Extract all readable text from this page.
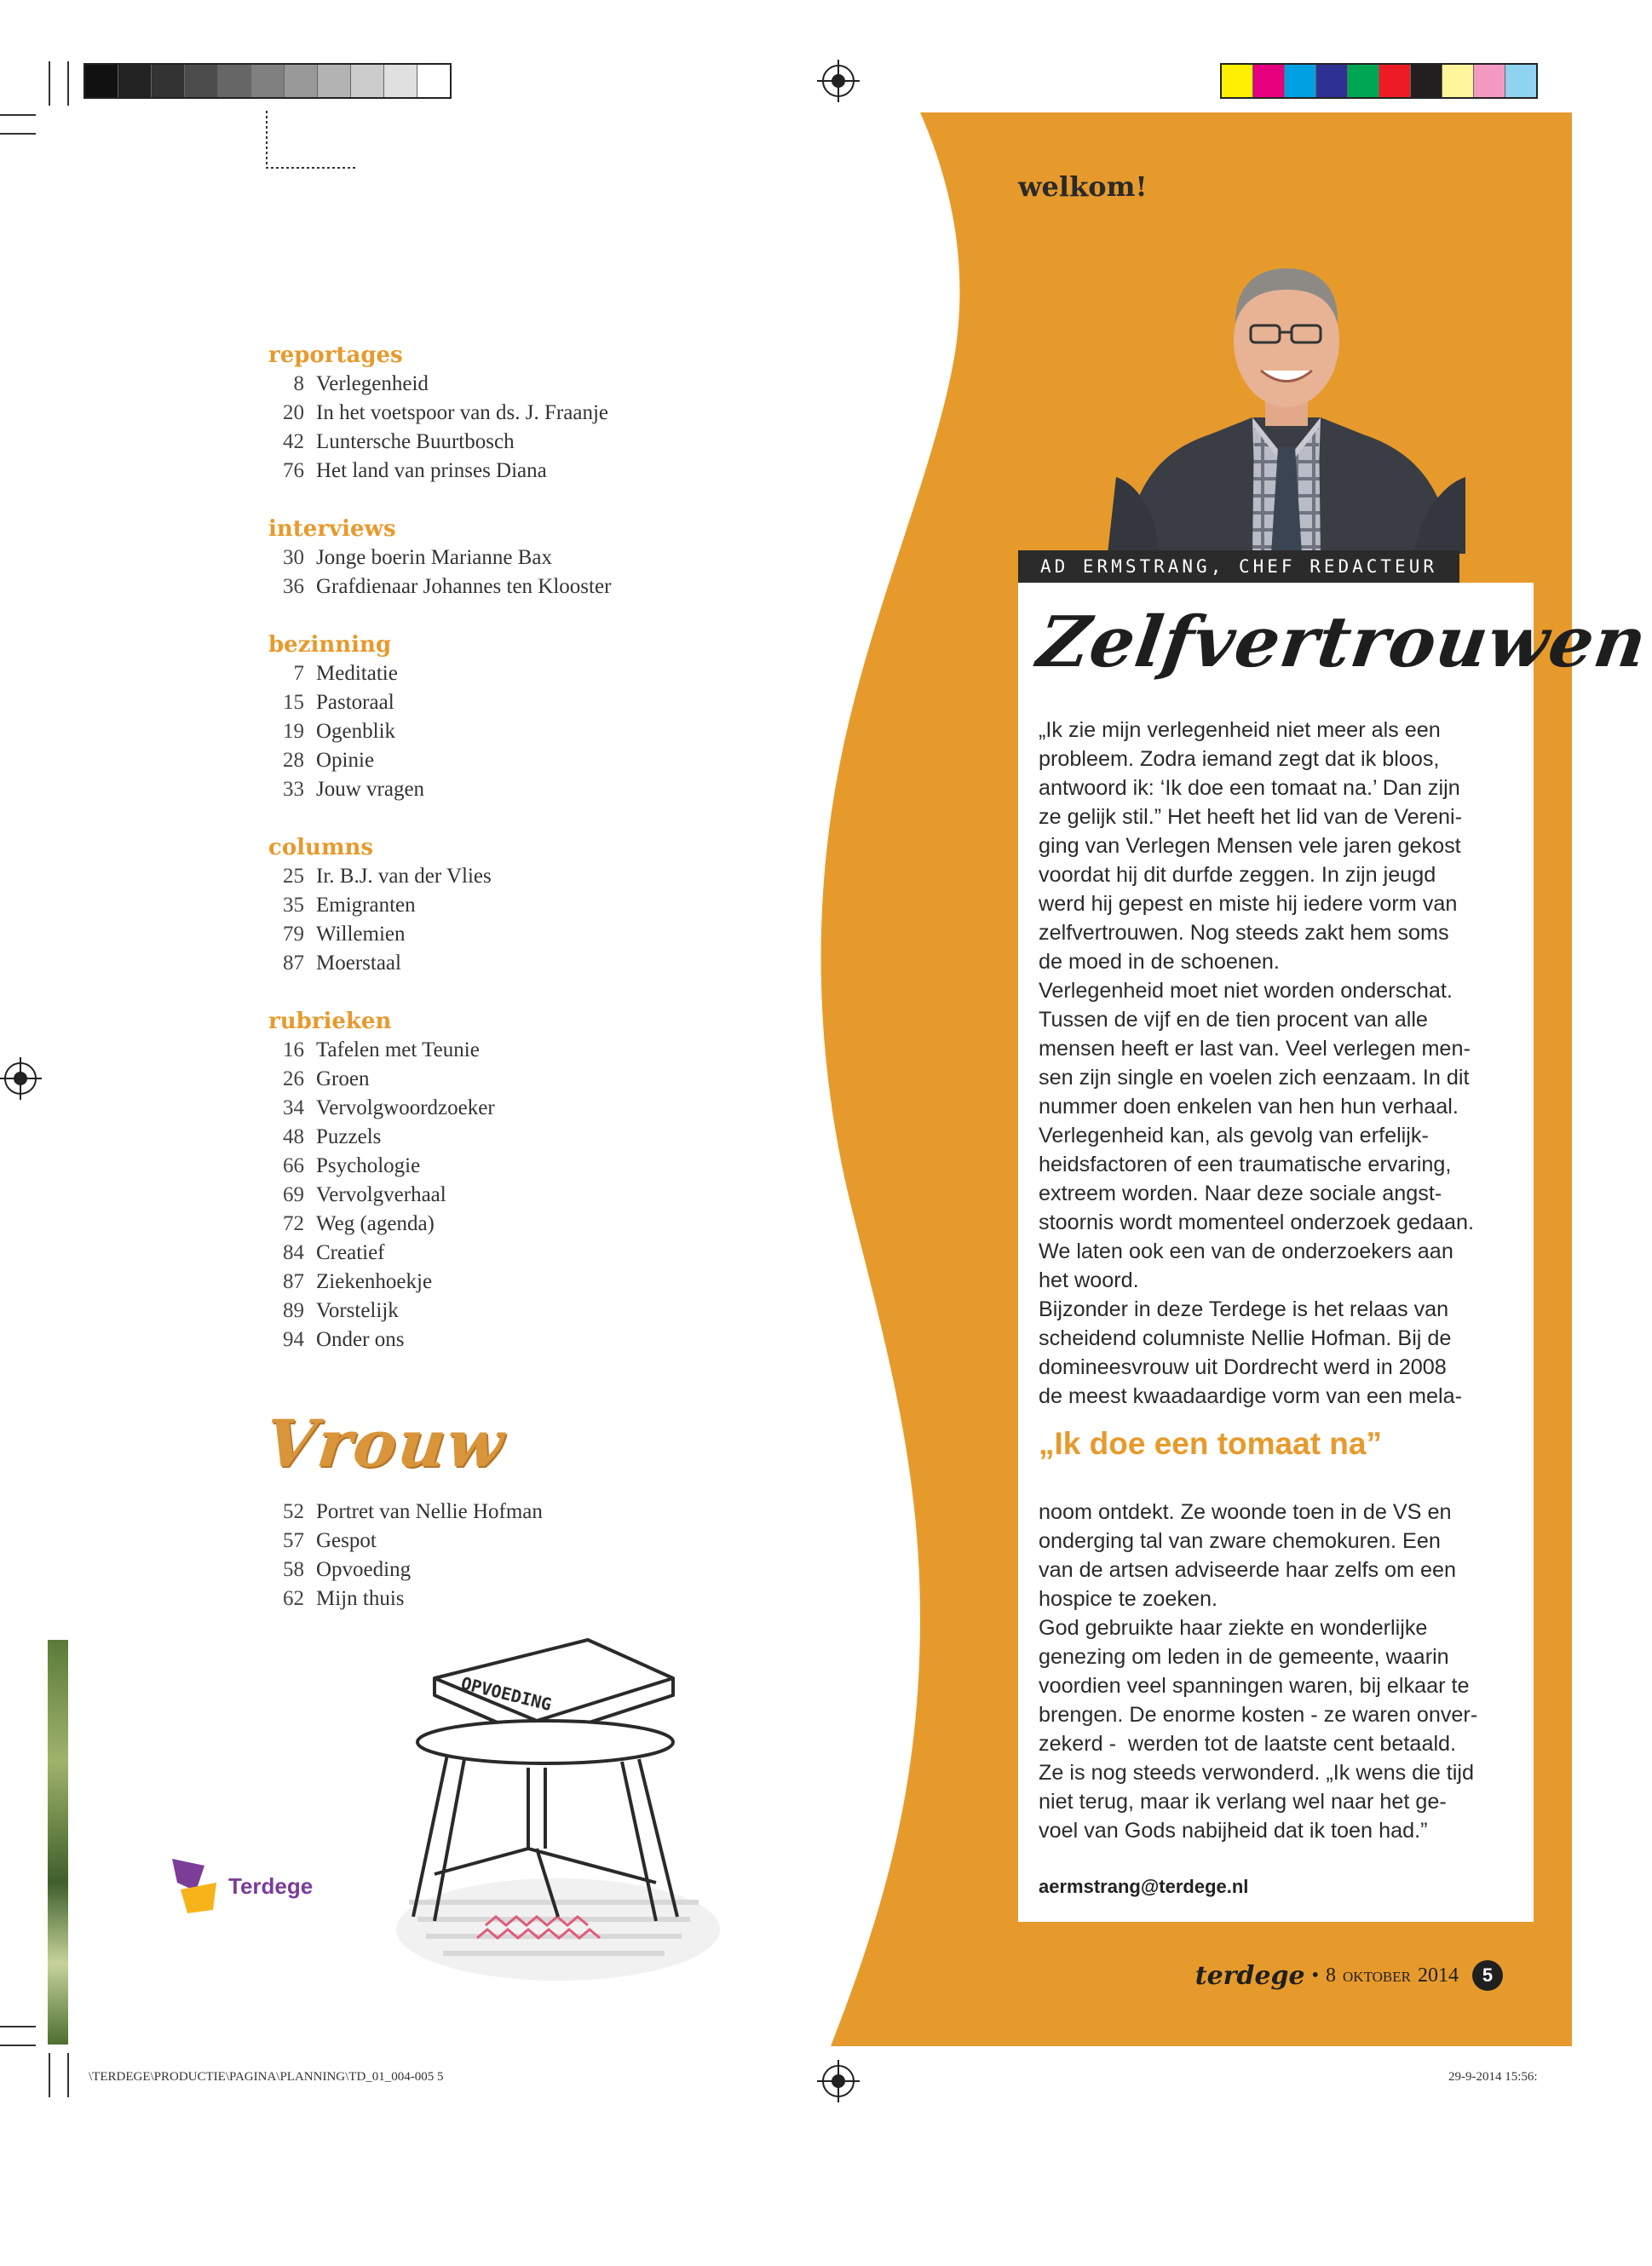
\TERDEGE\PRODUCTIE\PAGINA\PLANNING\TD_01_004-005 5	29-9-2014 15:56:
welkom!
AD ERMSTRANG, CHEF REDACTEUR
Zelfvertrouwen
„Ik zie mijn verlegenheid niet meer als een
probleem. Zodra iemand zegt dat ik bloos,
antwoord ik: ‘Ik doe een tomaat na.’ Dan zijn
ze gelijk stil.” Het heeft het lid van de Vereni-
ging van Verlegen Mensen vele jaren gekost
voordat hij dit durfde zeggen. In zijn jeugd
werd hij gepest en miste hij iedere vorm van
zelfvertrouwen. Nog steeds zakt hem soms
de moed in de schoenen.
Verlegenheid moet niet worden onderschat.
Tussen de vijf en de tien procent van alle
mensen heeft er last van. Veel verlegen men-
sen zijn single en voelen zich eenzaam. In dit
nummer doen enkelen van hen hun verhaal.
Verlegenheid kan, als gevolg van erfelijk-
heidsfactoren of een traumatische ervaring,
extreem worden. Naar deze sociale angst-
stoornis wordt momenteel onderzoek gedaan.
We laten ook een van de onderzoekers aan
het woord.
Bijzonder in deze Terdege is het relaas van
scheidend columniste Nellie Hofman. Bij de
domineesvrouw uit Dordrecht werd in 2008
de meest kwaadaardige vorm van een mela-
„Ik doe een tomaat na”
noom ontdekt. Ze woonde toen in de VS en
onderging tal van zware chemokuren. Een
van de artsen adviseerde haar zelfs om een
hospice te zoeken.
God gebruikte haar ziekte en wonderlijke
genezing om leden in de gemeente, waarin
voordien veel spanningen waren, bij elkaar te
brengen. De enorme kosten - ze waren onver-
zekerd -  werden tot de laatste cent betaald.
Ze is nog steeds verwonderd. „Ik wens die tijd
niet terug, maar ik verlang wel naar het ge-
voel van Gods nabijheid dat ik toen had.”
aermstrang@terdege.nl
terdege • 8 oktober 2014	5
reportages
8 Verlegenheid
20 In het voetspoor van ds. J. Fraanje
42 Luntersche Buurtbosch
76 Het land van prinses Diana
interviews
30 Jonge boerin Marianne Bax
36 Grafdienaar Johannes ten Klooster
bezinning
7 Meditatie
15 Pastoraal
19 Ogenblik
28 Opinie
33 Jouw vragen
columns
25 Ir. B.J. van der Vlies
35 Emigranten
79 Willemien
87 Moerstaal
rubrieken
16 Tafelen met Teunie
26 Groen
34 Vervolgwoordzoeker
48 Puzzels
66 Psychologie
69 Vervolgverhaal
72 Weg (agenda)
84 Creatief
87 Ziekenhoekje
89 Vorstelijk
94 Onder ons
Vrouw
52 Portret van Nellie Hofman
57 Gespot
58 Opvoeding
62 Mijn thuis
OPVOEDING
Terdege
